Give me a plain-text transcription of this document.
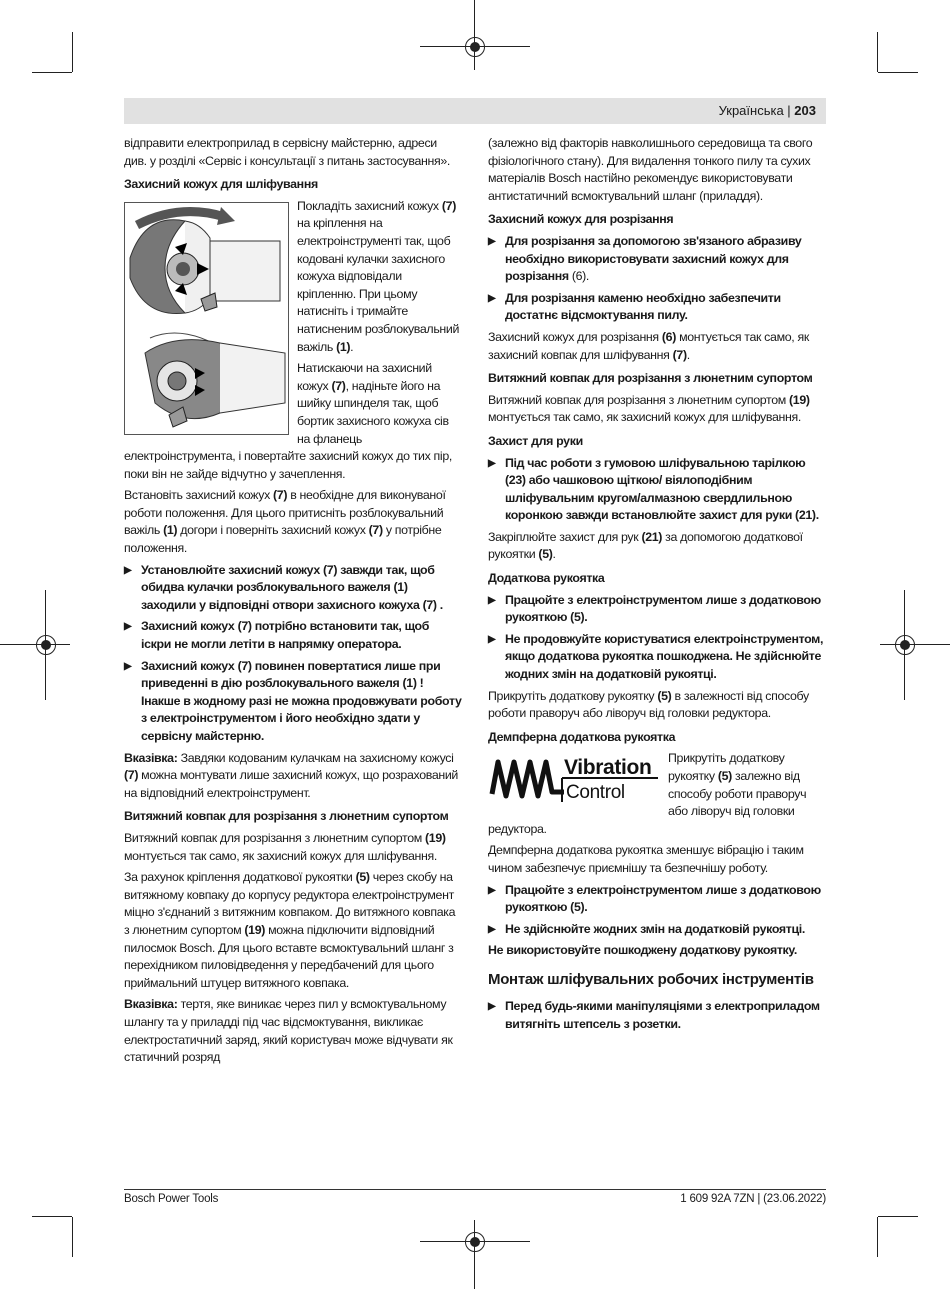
Українська | 203

відправити електроприлад в сервісну майстерню, адреси див. у розділі «Сервіс і консультації з питань застосування».

Захисний кожух для шліфування

Покладіть захисний кожух (7) на кріплення на електроінструменті так, щоб кодовані кулачки захисного кожуха відповідали кріпленню. При цьому натисніть і тримайте натисненим розблокувальний важіль (1).

Натискаючи на захисний кожух (7), надіньте його на шийку шпинделя так, щоб бортик захисного кожуха сів на фланець електроінструмента, і повертайте захисний кожух до тих пір, поки він не зайде відчутно у зачеплення.

Встановіть захисний кожух (7) в необхідне для виконуваної роботи положення. Для цього притисніть розблокувальний важіль (1) догори і поверніть захисний кожух (7) у потрібне положення.

▶ Установлюйте захисний кожух (7) завжди так, щоб обидва кулачки розблокувального важеля (1) заходили у відповідні отвори захисного кожуха (7) .
▶ Захисний кожух (7) потрібно встановити так, щоб іскри не могли летіти в напрямку оператора.
▶ Захисний кожух (7) повинен повертатися лише при приведенні в дію розблокувального важеля (1) ! Інакше в жодному разі не можна продовжувати роботу з електроінструментом і його необхідно здати у сервісну майстерню.

Вказівка: Завдяки кодованим кулачкам на захисному кожусі (7) можна монтувати лише захисний кожух, що розрахований на відповідний електроінструмент.

Витяжний ковпак для розрізання з люнетним супортом

Витяжний ковпак для розрізання з люнетним супортом (19) монтується так само, як захисний кожух для шліфування.

За рахунок кріплення додаткової рукоятки (5) через скобу на витяжному ковпаку до корпусу редуктора електроінструмент міцно з'єднаний з витяжним ковпаком. До витяжного ковпака з люнетним супортом (19) можна підключити відповідний пилосмок Bosch. Для цього вставте всмоктувальний шланг з перехідником пиловідведення у передбачений для цього приймальний штуцер витяжного ковпака.

Вказівка: тертя, яке виникає через пил у всмоктувальному шлангу та у приладді під час відсмоктування, викликає електростатичний заряд, який користувач може відчувати як статичний розряд

(залежно від факторів навколишнього середовища та свого фізіологічного стану). Для видалення тонкого пилу та сухих матеріалів Bosch настійно рекомендує використовувати антистатичний всмоктувальний шланг (приладдя).

Захисний кожух для розрізання
▶ Для розрізання за допомогою зв'язаного абразиву необхідно використовувати захисний кожух для розрізання (6).
▶ Для розрізання каменю необхідно забезпечити достатнє відсмоктування пилу.

Захисний кожух для розрізання (6) монтується так само, як захисний ковпак для шліфування (7).

Витяжний ковпак для розрізання з люнетним супортом

Витяжний ковпак для розрізання з люнетним супортом (19) монтується так само, як захисний кожух для шліфування.

Захист для руки
▶ Під час роботи з гумовою шліфувальною тарілкою (23) або чашковою щіткою/ віялоподібним шліфувальним кругом/алмазною свердлильною коронкою завжди встановлюйте захист для руки (21).

Закріплюйте захист для рук (21) за допомогою додаткової рукоятки (5).

Додаткова рукоятка
▶ Працюйте з електроінструментом лише з додатковою рукояткою (5).
▶ Не продовжуйте користуватися електроінструментом, якщо додаткова рукоятка пошкоджена. Не здійснюйте жодних змін на додатковій рукоятці.

Прикрутіть додаткову рукоятку (5) в залежності від способу роботи праворуч або ліворуч від головки редуктора.

Демпферна додаткова рукоятка
Vibration
Control

Прикрутіть додаткову рукоятку (5) залежно від способу роботи праворуч або ліворуч від головки редуктора.

Демпферна додаткова рукоятка зменшує вібрацію і таким чином забезпечує приємнішу та безпечнішу роботу.

▶ Працюйте з електроінструментом лише з додатковою рукояткою (5).
▶ Не здійснюйте жодних змін на додатковій рукоятці.

Не використовуйте пошкоджену додаткову рукоятку.

Монтаж шліфувальних робочих інструментів
▶ Перед будь-якими маніпуляціями з електроприладом витягніть штепсель з розетки.
Bosch Power Tools	1 609 92A 7ZN | (23.06.2022)
